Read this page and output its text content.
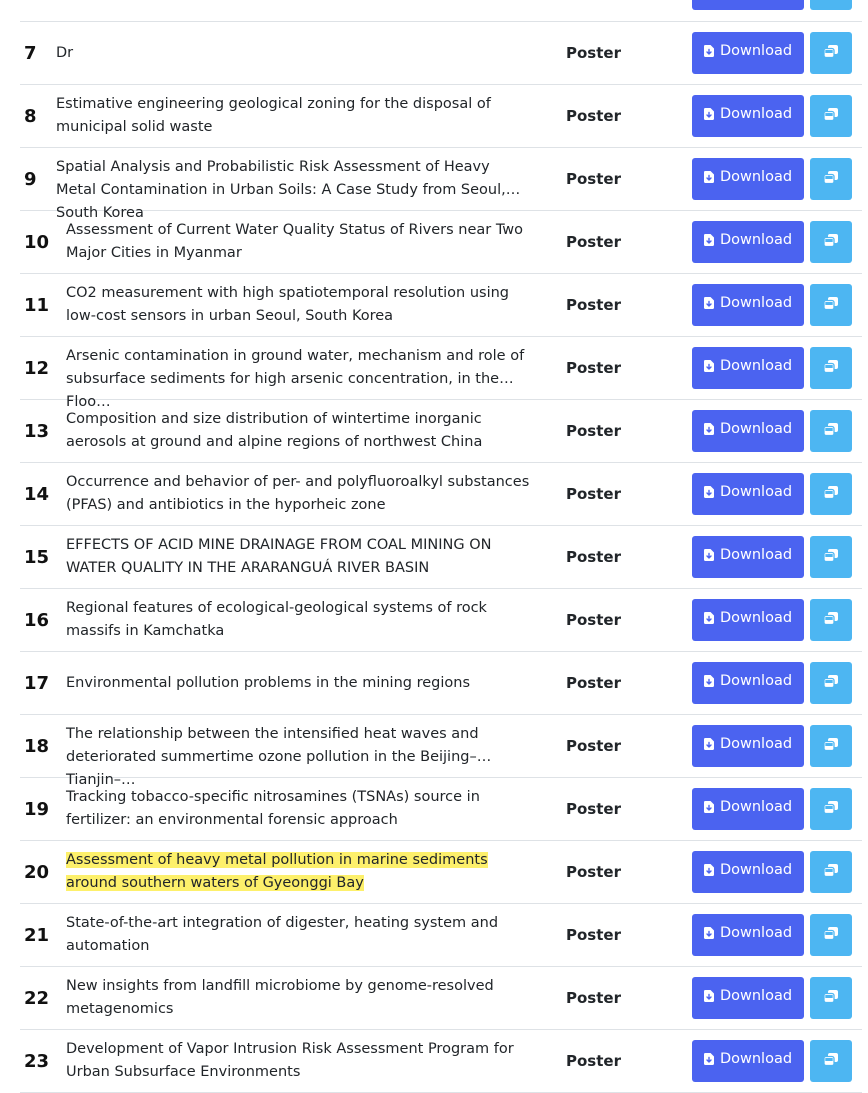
7	Dr	Poster	Download
8
Estimative engineering geological zoning for the disposal of municipal solid waste
Poster	Download
9
Spatial Analysis and Probabilistic Risk Assessment of Heavy Metal Contamination in Urban Soils: A Case Study from Seoul, South Korea
Poster	Download
10
Assessment of Current Water Quality Status of Rivers near Two Major Cities in Myanmar
Poster	Download
11
CO2 measurement with high spatiotemporal resolution using low-cost sensors in urban Seoul, South Korea
Poster	Download
12
Arsenic contamination in ground water, mechanism and role of subsurface sediments for high arsenic concentration, in the Floo…
Poster	Download
13
Composition and size distribution of wintertime inorganic aerosols at ground and alpine regions of northwest China
Poster	Download
14
Occurrence and behavior of per- and polyfluoroalkyl substances (PFAS) and antibiotics in the hyporheic zone
Poster	Download
15
EFFECTS OF ACID MINE DRAINAGE FROM COAL MINING ON WATER QUALITY IN THE ARARANGUÁ RIVER BASIN
Poster	Download
16
Regional features of ecological-geological systems of rock massifs in Kamchatka
Poster	Download
17 Environmental pollution problems in the mining regions	Poster	Download
18
The relationship between the intensified heat waves and deteriorated summertime ozone pollution in the Beijing–Tianjin–…
Poster	Download
19
Tracking tobacco-specific nitrosamines (TSNAs) source in fertilizer: an environmental forensic approach
Poster	Download
20
Assessment of heavy metal pollution in marine sediments around southern waters of Gyeonggi Bay
Poster	Download
21
State-of-the-art integration of digester, heating system and automation
Poster	Download
22
New insights from landfill microbiome by genome-resolved metagenomics
Poster	Download
23
Development of Vapor Intrusion Risk Assessment Program for Urban Subsurface Environments
Poster	Download
